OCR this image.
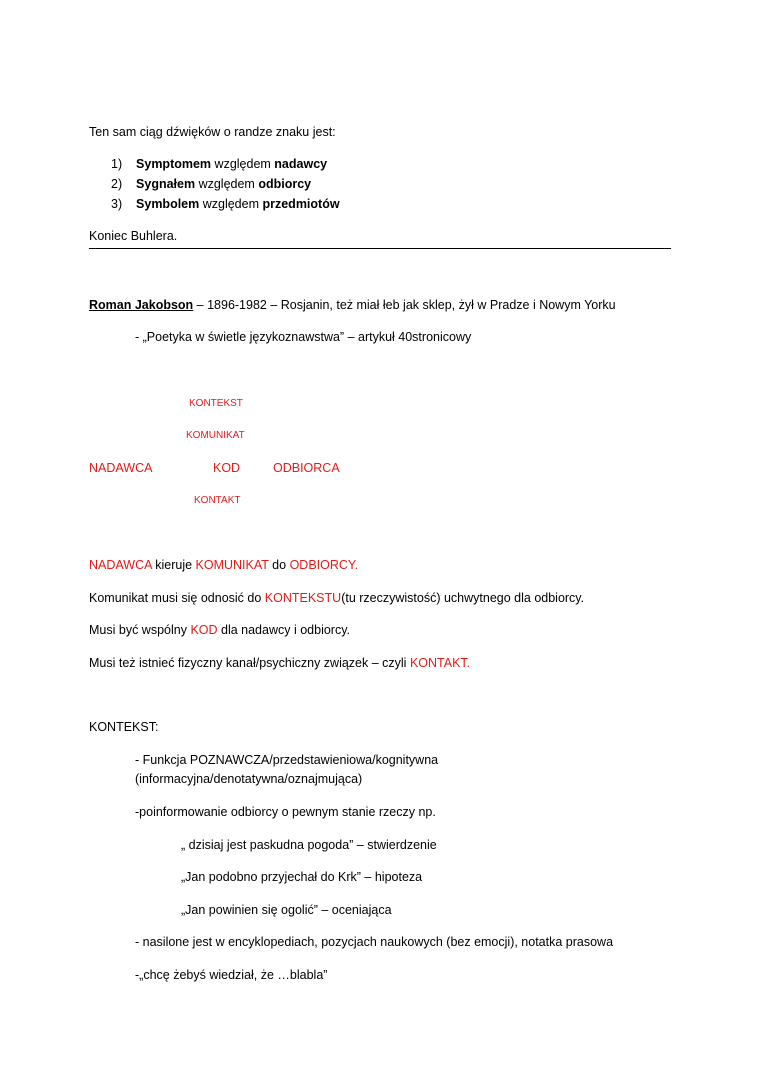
Ten sam ciąg dźwięków o randze znaku jest:
1) Symptomem względem nadawcy
2) Sygnałem względem odbiorcy
3) Symbolem względem przedmiotów
Koniec Buhlera.
Roman Jakobson – 1896-1982 – Rosjanin, też miał łeb jak sklep, żył w Pradze i Nowym Yorku
- „Poetyka w świetle językoznawstwa” – artykuł 40stronicowy
KONTEKST
KOMUNIKAT
NADAWCA	KOD	ODBIORCA
KONTAKT
NADAWCA kieruje KOMUNIKAT do ODBIORCY.
Komunikat musi się odnosić do KONTEKSTU(tu rzeczywistość) uchwytnego dla odbiorcy.
Musi być wspólny KOD dla nadawcy i odbiorcy.
Musi też istnieć fizyczny kanał/psychiczny związek – czyli KONTAKT.
KONTEKST:
- Funkcja POZNAWCZA/przedstawieniowa/kognitywna
(informacyjna/denotatywna/oznajmująca)
-poinformowanie odbiorcy o pewnym stanie rzeczy np.
„ dzisiaj jest paskudna pogoda” – stwierdzenie
„Jan podobno przyjechał do Krk” – hipoteza
„Jan powinien się ogolić” – oceniająca
- nasilone jest w encyklopediach, pozycjach naukowych (bez emocji), notatka prasowa
-„chcę żebyś wiedział, że …blabla”
